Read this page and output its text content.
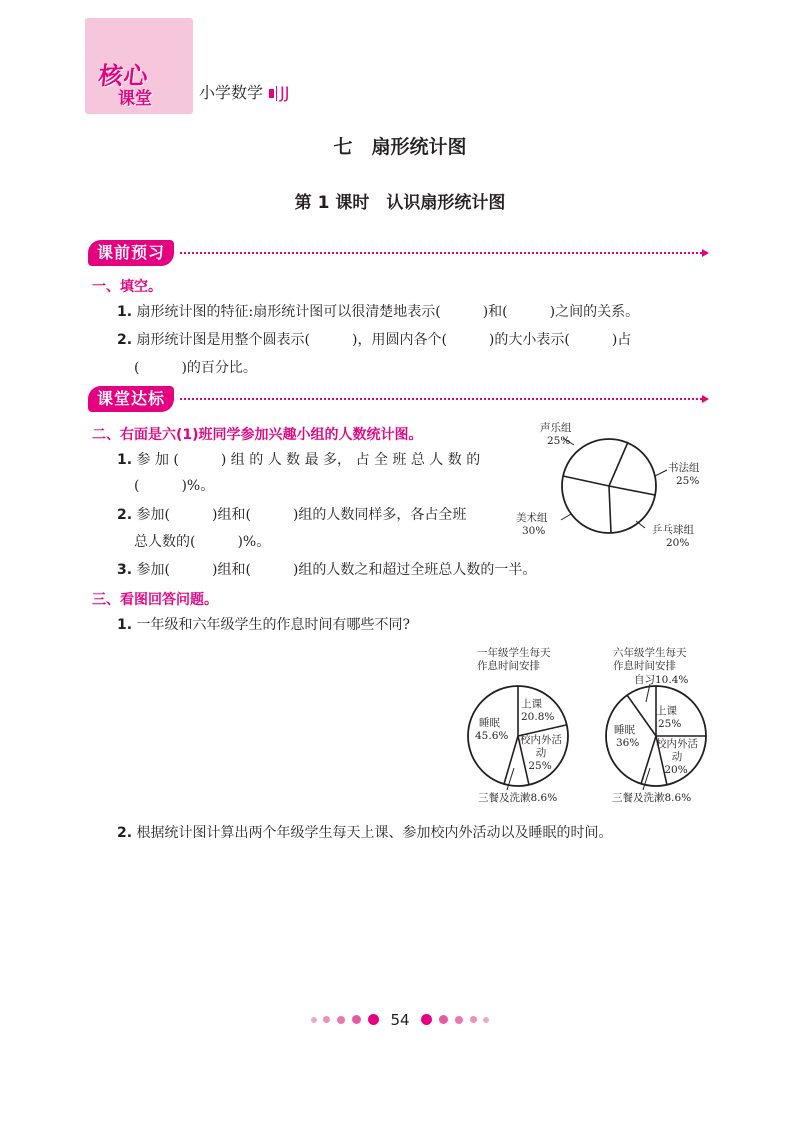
核心
课堂	小学数学 JJ
七　扇形统计图
第 1 课时　认识扇形统计图
课前预习
一、填空。
1. 扇形统计图的特征:扇形统计图可以很清楚地表示(　　　)和(　　　)之间的关系。
2. 扇形统计图是用整个圆表示(　　　)，用圆内各个(　　　)的大小表示(　　　)占
(　　　)的百分比。
课堂达标
二、右面是六(1)班同学参加兴趣小组的人数统计图。
1. 参 加 (　　　) 组 的 人 数 最 多， 占 全 班 总 人 数 的
(　　　)%。
2. 参加(　　　)组和(　　　)组的人数同样多，各占全班
总人数的(　　　)%。
3. 参加(　　　)组和(　　　)组的人数之和超过全班总人数的一半。
三、看图回答问题。
1. 一年级和六年级学生的作息时间有哪些不同?
2. 根据统计图计算出两个年级学生每天上课、参加校内外活动以及睡眠的时间。
声乐组
25%
书法组
25%
乒乓球组
20%
美术组
30%
一年级学生每天
作息时间安排
上课
20.8%
校内外活动
25%
睡眠
45.6%
三餐及洗漱8.6%
六年级学生每天
作息时间安排
自习10.4%
上课
25%
校内外活动
20%
睡眠
36%
三餐及洗漱8.6%
54
